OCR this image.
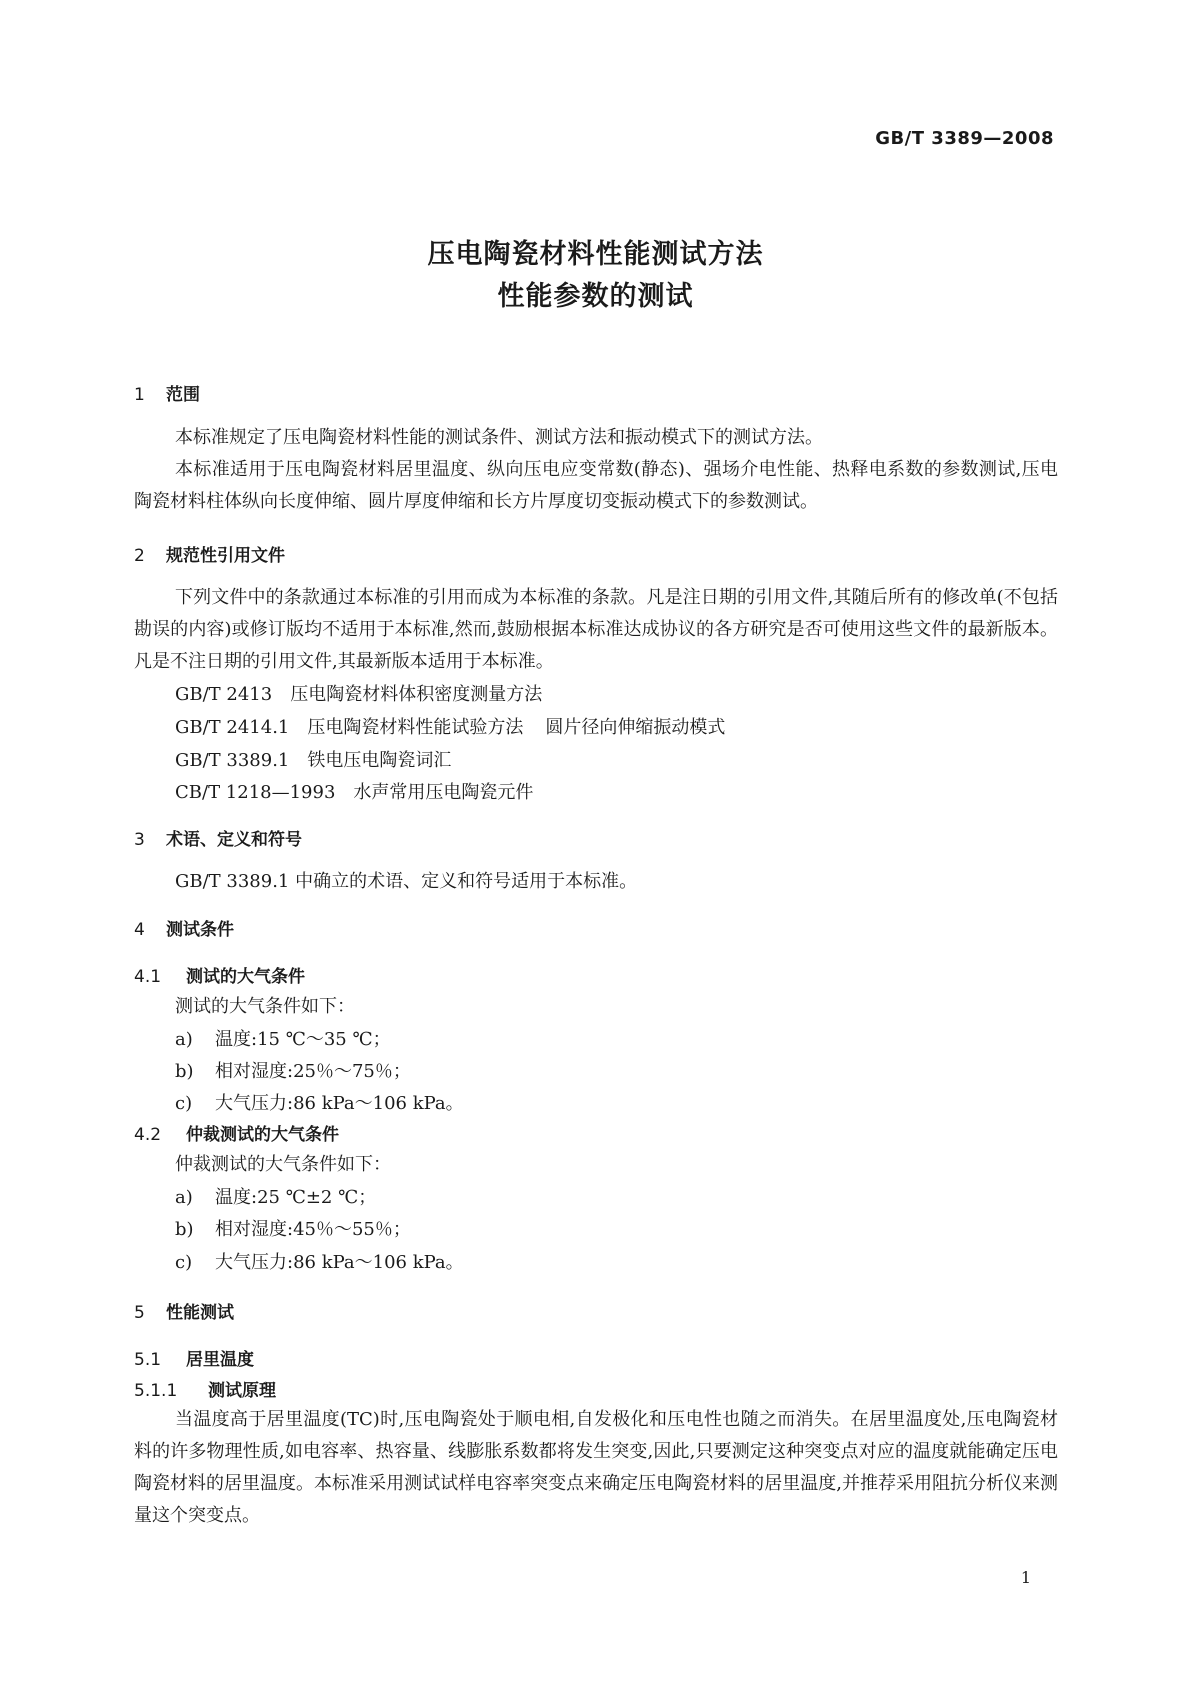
GB/T 3389—2008
压电陶瓷材料性能测试方法
性能参数的测试
1 范围
本标准规定了压电陶瓷材料性能的测试条件、测试方法和振动模式下的测试方法。
本标准适用于压电陶瓷材料居里温度、纵向压电应变常数(静态)、强场介电性能、热释电系数的参数测试,压电陶瓷材料柱体纵向长度伸缩、圆片厚度伸缩和长方片厚度切变振动模式下的参数测试。
2 规范性引用文件
下列文件中的条款通过本标准的引用而成为本标准的条款。凡是注日期的引用文件,其随后所有的修改单(不包括勘误的内容)或修订版均不适用于本标准,然而,鼓励根据本标准达成协议的各方研究是否可使用这些文件的最新版本。凡是不注日期的引用文件,其最新版本适用于本标准。
GB/T 2413 压电陶瓷材料体积密度测量方法
GB/T 2414.1 压电陶瓷材料性能试验方法 圆片径向伸缩振动模式
GB/T 3389.1 铁电压电陶瓷词汇
CB/T 1218—1993 水声常用压电陶瓷元件
3 术语、定义和符号
GB/T 3389.1 中确立的术语、定义和符号适用于本标准。
4 测试条件
4.1 测试的大气条件
测试的大气条件如下：
a) 温度:15 ℃～35 ℃；
b) 相对湿度:25％～75％；
c) 大气压力:86 kPa～106 kPa。
4.2 仲裁测试的大气条件
仲裁测试的大气条件如下：
a) 温度:25 ℃±2 ℃；
b) 相对湿度:45％～55％；
c) 大气压力:86 kPa～106 kPa。
5 性能测试
5.1 居里温度
5.1.1 测试原理
当温度高于居里温度(TC)时,压电陶瓷处于顺电相,自发极化和压电性也随之而消失。在居里温度处,压电陶瓷材料的许多物理性质,如电容率、热容量、线膨胀系数都将发生突变,因此,只要测定这种突变点对应的温度就能确定压电陶瓷材料的居里温度。本标准采用测试试样电容率突变点来确定压电陶瓷材料的居里温度,并推荐采用阻抗分析仪来测量这个突变点。
1
